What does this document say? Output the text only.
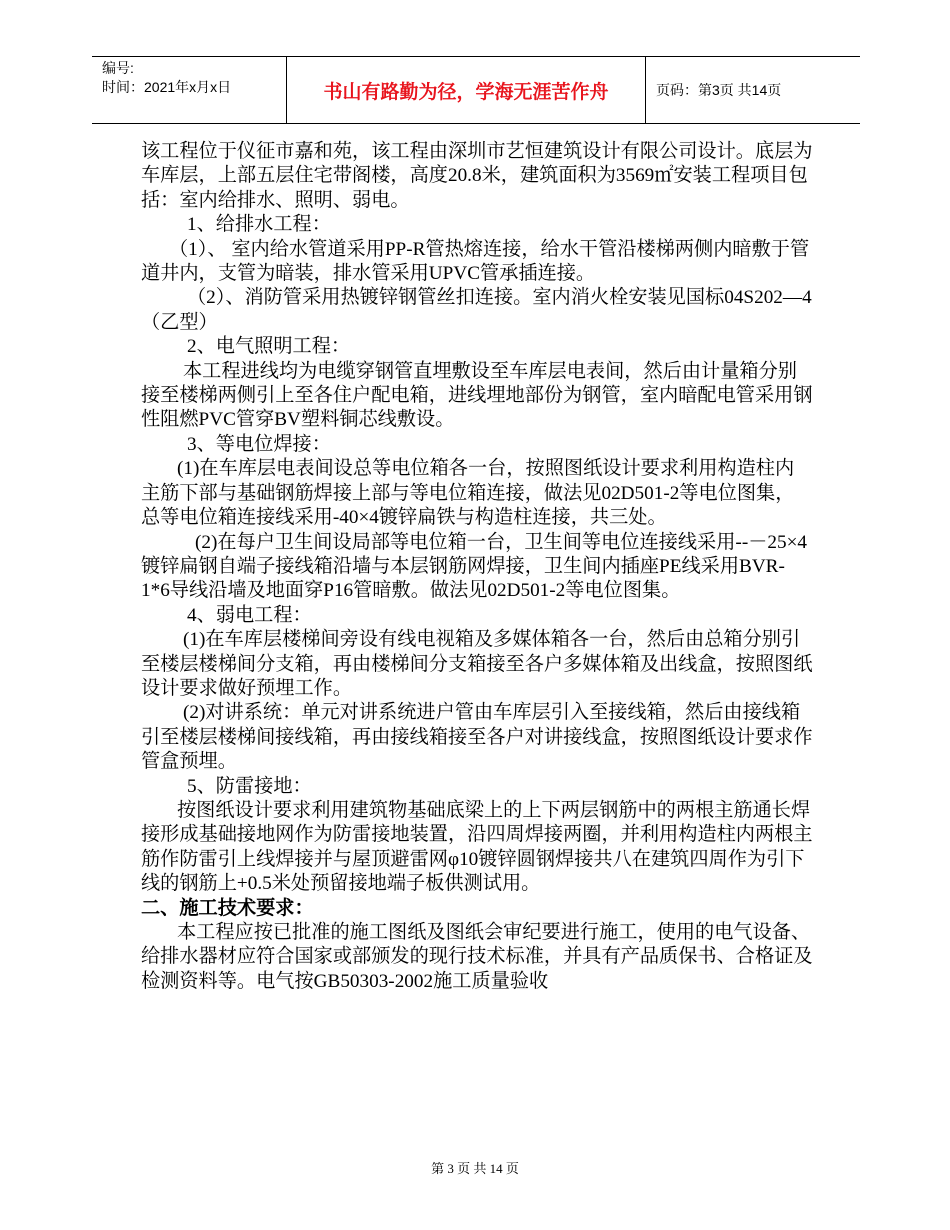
编号:
时间：2021年x月x日	书山有路勤为径，学海无涯苦作舟	页码：第3页 共14页

该工程位于仪征市嘉和苑，该工程由深圳市艺恒建筑设计有限公司设计。底层为车库层，上部五层住宅带阁楼，高度20.8米，建筑面积为3569㎡安装工程项目包括：室内给排水、照明、弱电。

1、给排水工程：

（1）、 室内给水管道采用PP-R管热熔连接，给水干管沿楼梯两侧内暗敷于管道井内，支管为暗装，排水管采用UPVC管承插连接。

（2）、消防管采用热镀锌钢管丝扣连接。室内消火栓安装见国标04S202—4（乙型）

2、电气照明工程：

本工程进线均为电缆穿钢管直埋敷设至车库层电表间，然后由计量箱分别接至楼梯两侧引上至各住户配电箱，进线埋地部份为钢管，室内暗配电管采用钢性阻燃PVC管穿BV塑料铜芯线敷设。

3、等电位焊接：

(1)在车库层电表间设总等电位箱各一台，按照图纸设计要求利用构造柱内主筋下部与基础钢筋焊接上部与等电位箱连接，做法见02D501-2等电位图集，总等电位箱连接线采用-40×4镀锌扁铁与构造柱连接，共三处。

(2)在每户卫生间设局部等电位箱一台，卫生间等电位连接线采用--－25×4镀锌扁钢自端子接线箱沿墙与本层钢筋网焊接，卫生间内插座PE线采用BVR-1*6导线沿墙及地面穿P16管暗敷。做法见02D501-2等电位图集。

4、弱电工程：

(1)在车库层楼梯间旁设有线电视箱及多媒体箱各一台，然后由总箱分别引至楼层楼梯间分支箱，再由楼梯间分支箱接至各户多媒体箱及出线盒，按照图纸设计要求做好预埋工作。

(2)对讲系统：单元对讲系统进户管由车库层引入至接线箱，然后由接线箱引至楼层楼梯间接线箱，再由接线箱接至各户对讲接线盒，按照图纸设计要求作管盒预埋。

5、防雷接地：

按图纸设计要求利用建筑物基础底梁上的上下两层钢筋中的两根主筋通长焊接形成基础接地网作为防雷接地装置，沿四周焊接两圈，并利用构造柱内两根主筋作防雷引上线焊接并与屋顶避雷网φ10镀锌圆钢焊接共八在建筑四周作为引下线的钢筋上+0.5米处预留接地端子板供测试用。

二、施工技术要求：

本工程应按已批准的施工图纸及图纸会审纪要进行施工，使用的电气设备、给排水器材应符合国家或部颁发的现行技术标准，并具有产品质保书、合格证及检测资料等。电气按GB50303-2002施工质量验收

第 3 页 共 14 页
